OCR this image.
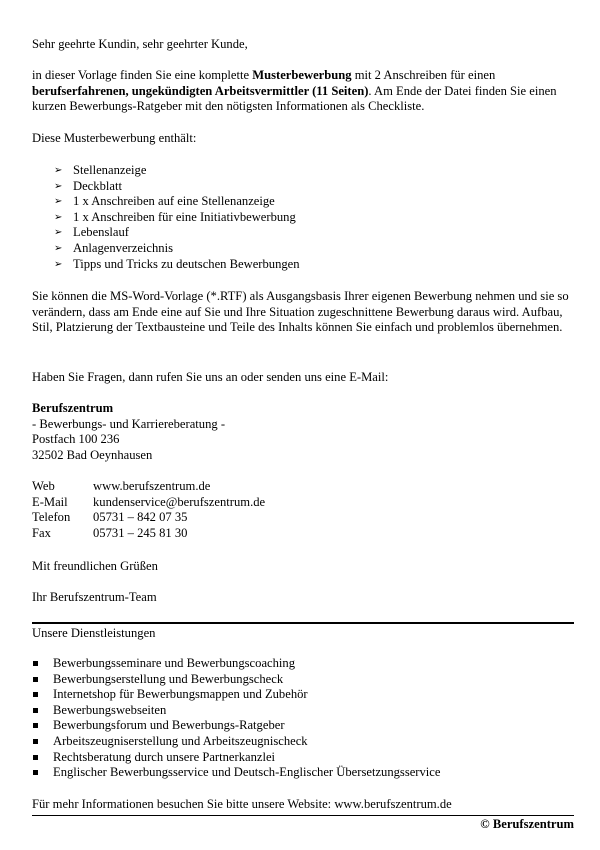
Sehr geehrte Kundin, sehr geehrter Kunde,

in dieser Vorlage finden Sie eine komplette Musterbewerbung mit 2 Anschreiben für einen berufserfahrenen, ungekündigten Arbeitsvermittler (11 Seiten). Am Ende der Datei finden Sie einen kurzen Bewerbungs-Ratgeber mit den nötigsten Informationen als Checkliste.

Diese Musterbewerbung enthält:

➢ Stellenanzeige
➢ Deckblatt
➢ 1 x Anschreiben auf eine Stellenanzeige
➢ 1 x Anschreiben für eine Initiativbewerbung
➢ Lebenslauf
➢ Anlagenverzeichnis
➢ Tipps und Tricks zu deutschen Bewerbungen

Sie können die MS-Word-Vorlage (*.RTF) als Ausgangsbasis Ihrer eigenen Bewerbung nehmen und sie so verändern, dass am Ende eine auf Sie und Ihre Situation zugeschnittene Bewerbung daraus wird. Aufbau, Stil, Platzierung der Textbausteine und Teile des Inhalts können Sie einfach und problemlos übernehmen.

Haben Sie Fragen, dann rufen Sie uns an oder senden uns eine E-Mail:

Berufszentrum
- Bewerbungs- und Karriereberatung -
Postfach 100 236
32502 Bad Oeynhausen
Web	www.berufszentrum.de
E-Mail	kundenservice@berufszentrum.de
Telefon	05731 – 842 07 35
Fax	05731 – 245 81 30

Mit freundlichen Grüßen

Ihr Berufszentrum-Team

Unsere Dienstleistungen

Bewerbungsseminare und Bewerbungscoaching
Bewerbungserstellung und Bewerbungscheck
Internetshop für Bewerbungsmappen und Zubehör
Bewerbungswebseiten
Bewerbungsforum und Bewerbungs-Ratgeber
Arbeitszeugniserstellung und Arbeitszeugnischeck
Rechtsberatung durch unsere Partnerkanzlei
Englischer Bewerbungsservice und Deutsch-Englischer Übersetzungsservice

Für mehr Informationen besuchen Sie bitte unsere Website: www.berufszentrum.de

© Berufszentrum
